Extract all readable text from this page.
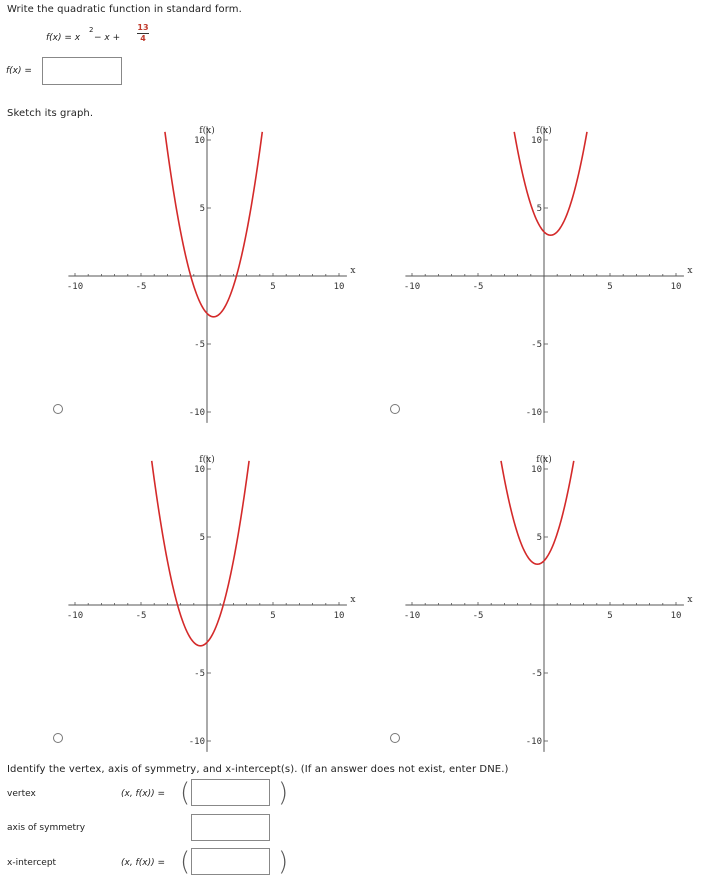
Write the quadratic function in standard form.
f(x) = x
2
− x +
13
4
f(x) =
Sketch its graph.
-10	-5	5	10
10
5
-5
-10
f(x)
x
-10	-5	5	10
10
5
-5
-10
f(x)
x
-10	-5	5	10
10
5
-5
-10
f(x)
x
-10	-5	5	10
10
5
-5
-10
f(x)
x
Identify the vertex, axis of symmetry, and x-intercept(s). (If an answer does not exist, enter DNE.)
vertex	(x, f(x)) = (	)
axis of symmetry
x-intercept	(x, f(x)) = (	)
